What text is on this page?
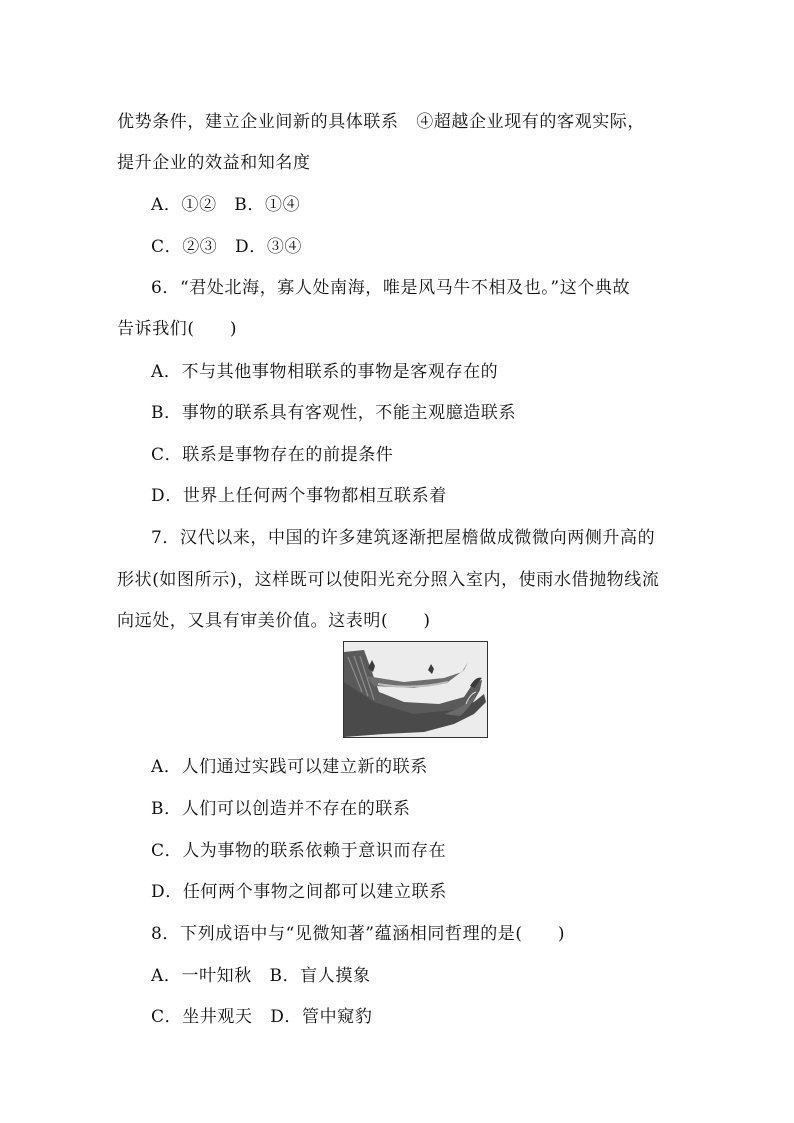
优势条件，建立企业间新的具体联系　④超越企业现有的客观实际，
提升企业的效益和知名度
A．①②　B．①④
C．②③　D．③④
6．“君处北海，寡人处南海，唯是风马牛不相及也。”这个典故
告诉我们(　　)
A．不与其他事物相联系的事物是客观存在的
B．事物的联系具有客观性，不能主观臆造联系
C．联系是事物存在的前提条件
D．世界上任何两个事物都相互联系着
7．汉代以来，中国的许多建筑逐渐把屋檐做成微微向两侧升高的
形状(如图所示)，这样既可以使阳光充分照入室内，使雨水借抛物线流
向远处，又具有审美价值。这表明(　　)
A．人们通过实践可以建立新的联系
B．人们可以创造并不存在的联系
C．人为事物的联系依赖于意识而存在
D．任何两个事物之间都可以建立联系
8．下列成语中与“见微知著”蕴涵相同哲理的是(　　)
A．一叶知秋　B．盲人摸象
C．坐井观天　D．管中窥豹
